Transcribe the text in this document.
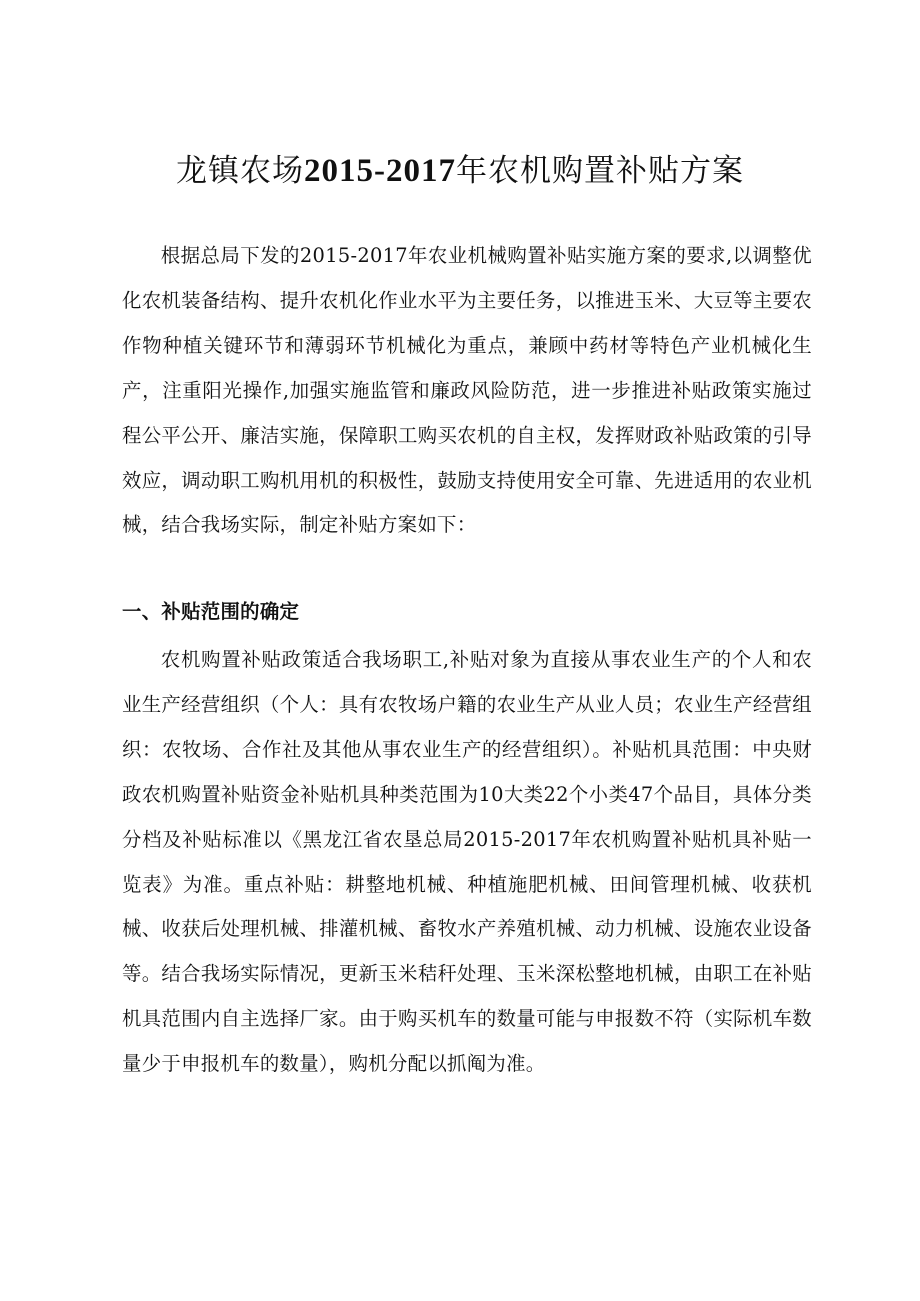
龙镇农场2015-2017年农机购置补贴方案

根据总局下发的2015-2017年农业机械购置补贴实施方案的要求,以调整优化农机装备结构、提升农机化作业水平为主要任务，以推进玉米、大豆等主要农作物种植关键环节和薄弱环节机械化为重点，兼顾中药材等特色产业机械化生产，注重阳光操作,加强实施监管和廉政风险防范，进一步推进补贴政策实施过程公平公开、廉洁实施，保障职工购买农机的自主权，发挥财政补贴政策的引导效应，调动职工购机用机的积极性，鼓励支持使用安全可靠、先进适用的农业机械，结合我场实际，制定补贴方案如下：

一、补贴范围的确定

农机购置补贴政策适合我场职工,补贴对象为直接从事农业生产的个人和农业生产经营组织（个人：具有农牧场户籍的农业生产从业人员；农业生产经营组织：农牧场、合作社及其他从事农业生产的经营组织）。补贴机具范围：中央财政农机购置补贴资金补贴机具种类范围为10大类22个小类47个品目，具体分类分档及补贴标准以《黑龙江省农垦总局2015-2017年农机购置补贴机具补贴一览表》为准。重点补贴：耕整地机械、种植施肥机械、田间管理机械、收获机械、收获后处理机械、排灌机械、畜牧水产养殖机械、动力机械、设施农业设备等。结合我场实际情况，更新玉米秸秆处理、玉米深松整地机械，由职工在补贴机具范围内自主选择厂家。由于购买机车的数量可能与申报数不符（实际机车数量少于申报机车的数量），购机分配以抓阄为准。
